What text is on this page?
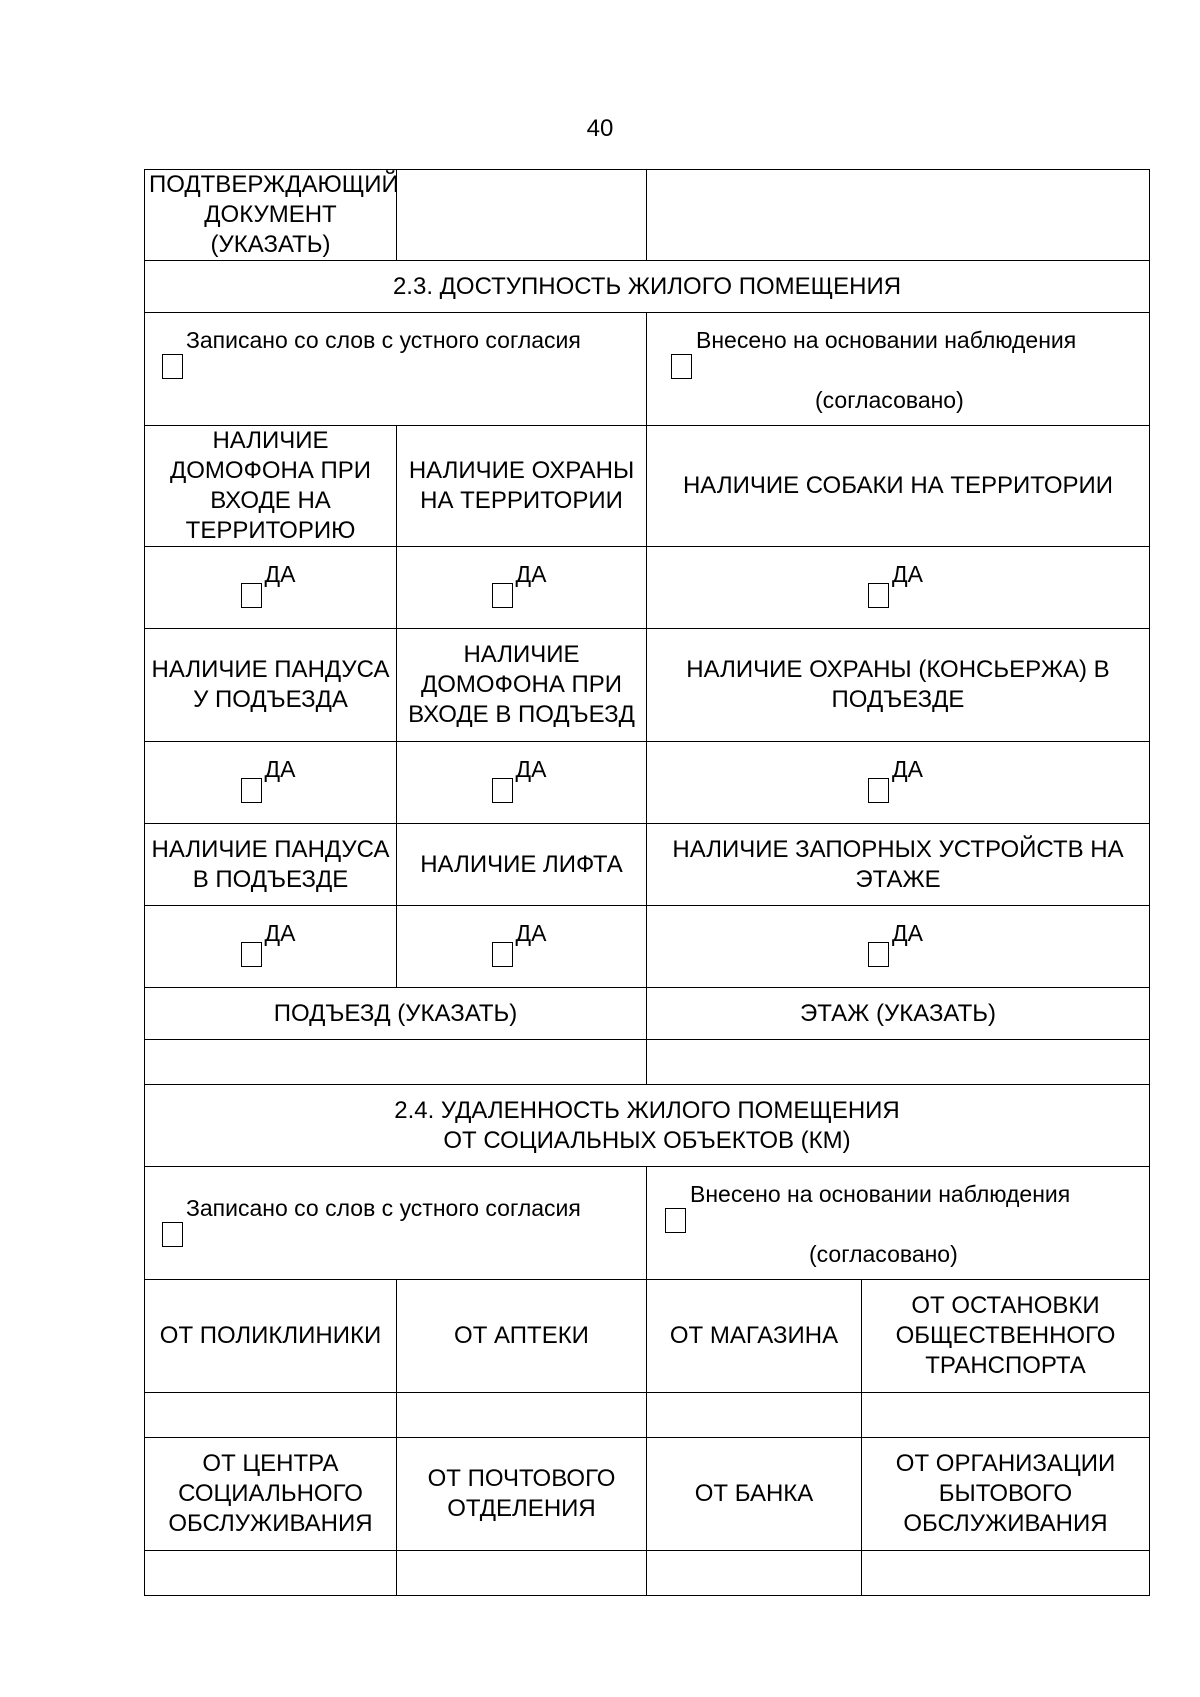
40
ПОДТВЕРЖДАЮЩИЙ ДОКУМЕНТ (УКАЗАТЬ)			
2.3. ДОСТУПНОСТЬ ЖИЛОГО ПОМЕЩЕНИЯ			

Записано со слов с устного согласия		Внесено на основании наблюдения
(согласовано)	

НАЛИЧИЕ ДОМОФОНА ПРИ ВХОДЕ НА ТЕРРИТОРИЮ	НАЛИЧИЕ ОХРАНЫ НА ТЕРРИТОРИИ	НАЛИЧИЕ СОБАКИ НА ТЕРРИТОРИИ	

ДА	ДА	ДА	

НАЛИЧИЕ ПАНДУСА У ПОДЪЕЗДА	НАЛИЧИЕ ДОМОФОНА ПРИ ВХОДЕ В ПОДЪЕЗД	НАЛИЧИЕ ОХРАНЫ (КОНСЬЕРЖА) В ПОДЪЕЗДЕ	

ДА	ДА	ДА	

НАЛИЧИЕ ПАНДУСА В ПОДЪЕЗДЕ	НАЛИЧИЕ ЛИФТА	НАЛИЧИЕ ЗАПОРНЫХ УСТРОЙСТВ НА ЭТАЖЕ	

ДА	ДА	ДА	

ПОДЪЕЗД (УКАЗАТЬ)		ЭТАЖ (УКАЗАТЬ)	

2.4. УДАЛЕННОСТЬ ЖИЛОГО ПОМЕЩЕНИЯ
ОТ СОЦИАЛЬНЫХ ОБЪЕКТОВ (КМ)			

Записано со слов с устного согласия		Внесено на основании наблюдения
(согласовано)	

ОТ ПОЛИКЛИНИКИ	ОТ АПТЕКИ	ОТ МАГАЗИНА	ОТ ОСТАНОВКИ ОБЩЕСТВЕННОГО ТРАНСПОРТА

ОТ ЦЕНТРА СОЦИАЛЬНОГО ОБСЛУЖИВАНИЯ	ОТ ПОЧТОВОГО ОТДЕЛЕНИЯ	ОТ БАНКА	ОТ ОРГАНИЗАЦИИ БЫТОВОГО ОБСЛУЖИВАНИЯ
